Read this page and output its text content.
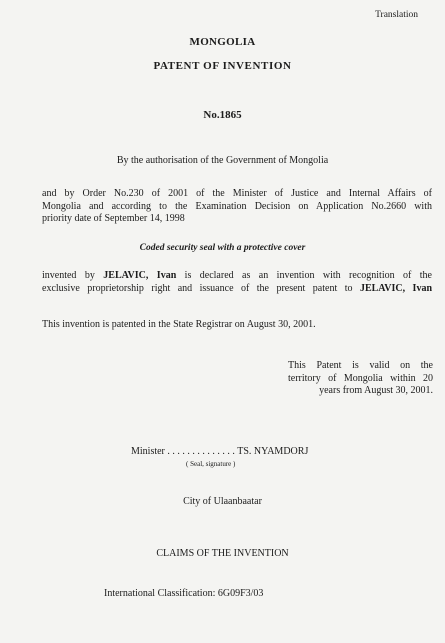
Translation
MONGOLIA
PATENT OF INVENTION
No.1865
By the authorisation of the Government of Mongolia
and by Order No.230 of 2001 of the Minister of Justice and Internal Affairs of
Mongolia and according to the Examination Decision on Application No.2660 with
priority date of September 14, 1998
Coded security seal with a protective cover
invented by JELAVIC, Ivan is declared as an invention with recognition of the
exclusive proprietorship right and issuance of the present patent to JELAVIC, Ivan
This invention is patented in the State Registrar on August 30, 2001.
This Patent is valid on the
territory of Mongolia within 20
years from August 30, 2001.
Minister . . . . . . . . . . . . . . TS. NYAMDORJ
( Seal, signature )
City of Ulaanbaatar
CLAIMS OF THE INVENTION
International Classification: 6G09F3/03
